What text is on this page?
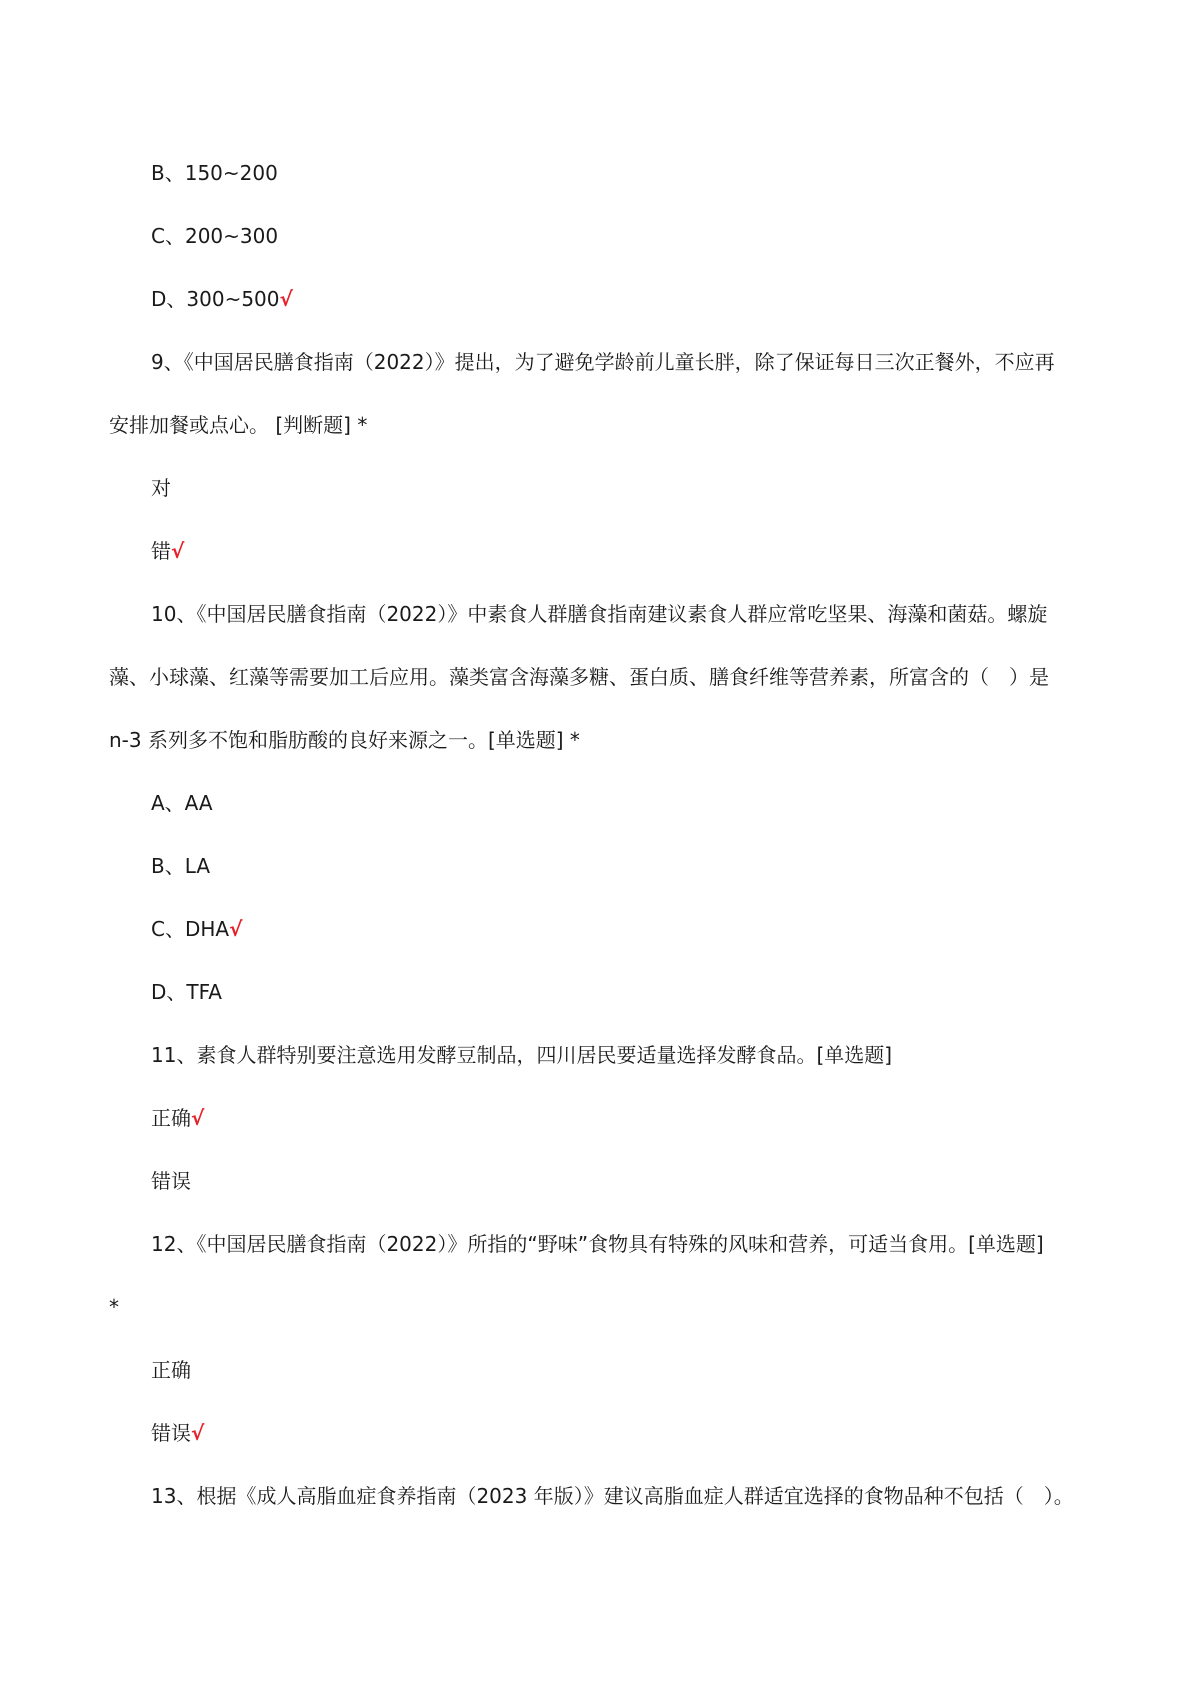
B、150~200
C、200~300
D、300~500√
9、《中国居民膳食指南（2022）》提出，为了避免学龄前儿童长胖，除了保证每日三次正餐外，不应再
安排加餐或点心。 [判断题] *
对
错√
10、《中国居民膳食指南（2022）》中素食人群膳食指南建议素食人群应常吃坚果、海藻和菌菇。螺旋
藻、小球藻、红藻等需要加工后应用。藻类富含海藻多糖、蛋白质、膳食纤维等营养素，所富含的（　）是
n-3 系列多不饱和脂肪酸的良好来源之一。[单选题] *
A、AA
B、LA
C、DHA√
D、TFA
11、素食人群特别要注意选用发酵豆制品，四川居民要适量选择发酵食品。[单选题]
正确√
错误
12、《中国居民膳食指南（2022）》所指的“野味”食物具有特殊的风味和营养，可适当食用。[单选题]
*
正确
错误√
13、根据《成人高脂血症食养指南（2023 年版）》建议高脂血症人群适宜选择的食物品种不包括（　）。
